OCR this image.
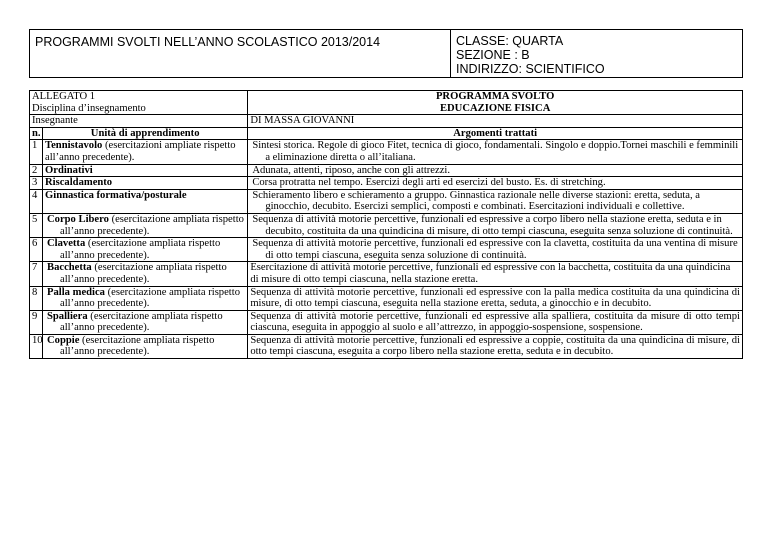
PROGRAMMI SVOLTI NELL’ANNO SCOLASTICO 2013/2014	CLASSE: QUARTA
SEZIONE : B
INDIRIZZO: SCIENTIFICO
ALLEGATO 1
Disciplina d’insegnamento		PROGRAMMA SVOLTO
EDUCAZIONE FISICA

Insegnante		DI MASSA GIOVANNI
n.	Unità di apprendimento	Argomenti trattati
1	Tennistavolo (esercitazioni ampliate rispetto all’anno precedente).	Sintesi storica. Regole di gioco Fitet, tecnica di gioco, fondamentali. Singolo e doppio.Tornei maschili e femminili a eliminazione diretta o all’italiana.

2	Ordinativi	Adunata, attenti, riposo, anche con gli attrezzi.

3	Riscaldamento	Corsa protratta nel tempo. Esercizi degli arti ed esercizi del busto. Es. di stretching.

4	Ginnastica formativa/posturale	Schieramento libero e schieramento a gruppo. Ginnastica razionale nelle diverse stazioni: eretta, seduta, a ginocchio, decubito. Esercizi semplici, composti e combinati. Esercitazioni individuali e collettive.

5	Corpo Libero (esercitazione ampliata rispetto all’anno precedente).	Sequenza di attività motorie percettive, funzionali ed espressive a corpo libero nella stazione eretta, seduta e in decubito, costituita da una quindicina di misure, di otto tempi ciascuna, eseguita senza soluzione di continuità.

6	Clavetta (esercitazione ampliata rispetto all’anno precedente).	Sequenza di attività motorie percettive, funzionali ed espressive con la clavetta, costituita da una ventina di misure di otto tempi ciascuna, eseguita senza soluzione di continuità.

7	Bacchetta (esercitazione ampliata rispetto all’anno precedente).	Esercitazione di attività motorie percettive, funzionali ed espressive con la bacchetta, costituita da una quindicina di misure di otto tempi ciascuna, nella stazione eretta.
8	Palla medica (esercitazione ampliata rispetto all’anno precedente).	Sequenza di attività motorie percettive, funzionali ed espressive con la palla medica costituita da una quindicina di misure, di otto tempi ciascuna, eseguita nella stazione eretta, seduta, a ginocchio e in decubito.
9	Spalliera (esercitazione ampliata rispetto all’anno precedente).	Sequenza di attività motorie percettive, funzionali ed espressive alla spalliera, costituita da misure di otto tempi ciascuna, eseguita in appoggio al suolo e all’attrezzo, in appoggio-sospensione, sospensione.
10	Coppie (esercitazione ampliata rispetto all’anno precedente).	Sequenza di attività motorie percettive, funzionali ed espressive a coppie, costituita da una quindicina di misure, di otto tempi ciascuna, eseguita a corpo libero nella stazione eretta, seduta e in decubito.
